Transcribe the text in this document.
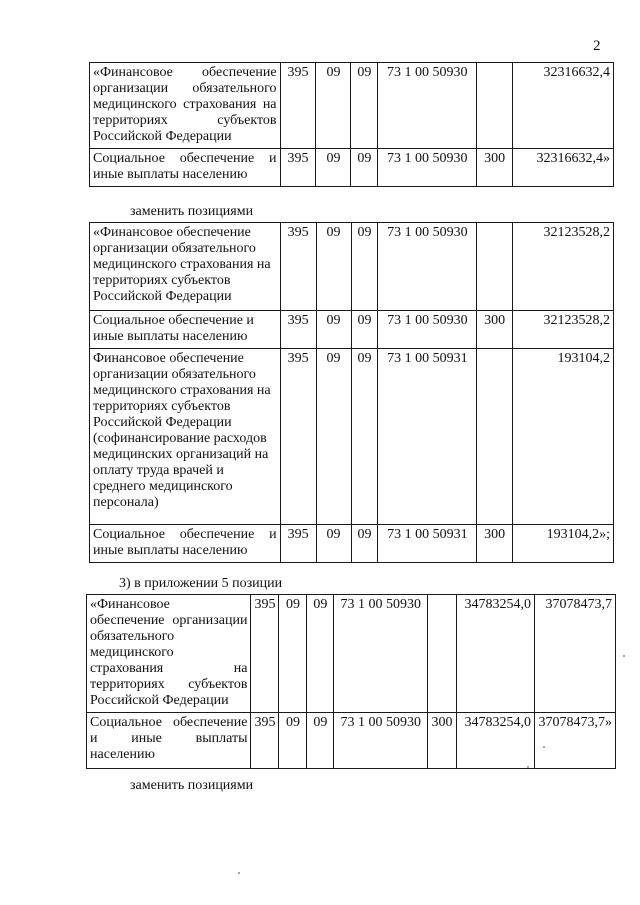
2
«Финансовое обеспечение организации обязательного медицинского страхования на территориях субъектов Российской Федерации	395	09	09	73 1 00 50930		32316632,4
Социальное обеспечение и иные выплаты населению	395	09	09	73 1 00 50930	300	32316632,4»
заменить позициями
«Финансовое обеспечение организации обязательного медицинского страхования на территориях субъектов Российской Федерации	395	09	09	73 1 00 50930		32123528,2
Социальное обеспечение и иные выплаты населению	395	09	09	73 1 00 50930	300	32123528,2
Финансовое обеспечение организации обязательного медицинского страхования на территориях субъектов Российской Федерации (софинансирование расходов медицинских организаций на оплату труда врачей и среднего медицинского персонала)	395	09	09	73 1 00 50931		193104,2
Социальное обеспечение и иные выплаты населению	395	09	09	73 1 00 50931	300	193104,2»;
3) в приложении 5 позиции
«Финансовое обеспечение организации обязательного медицинского страхования на территориях субъектов Российской Федерации	395	09	09	73 1 00 50930		34783254,0	37078473,7
Социальное обеспечение и иные выплаты населению	395	09	09	73 1 00 50930	300	34783254,0	37078473,7»
заменить позициями
